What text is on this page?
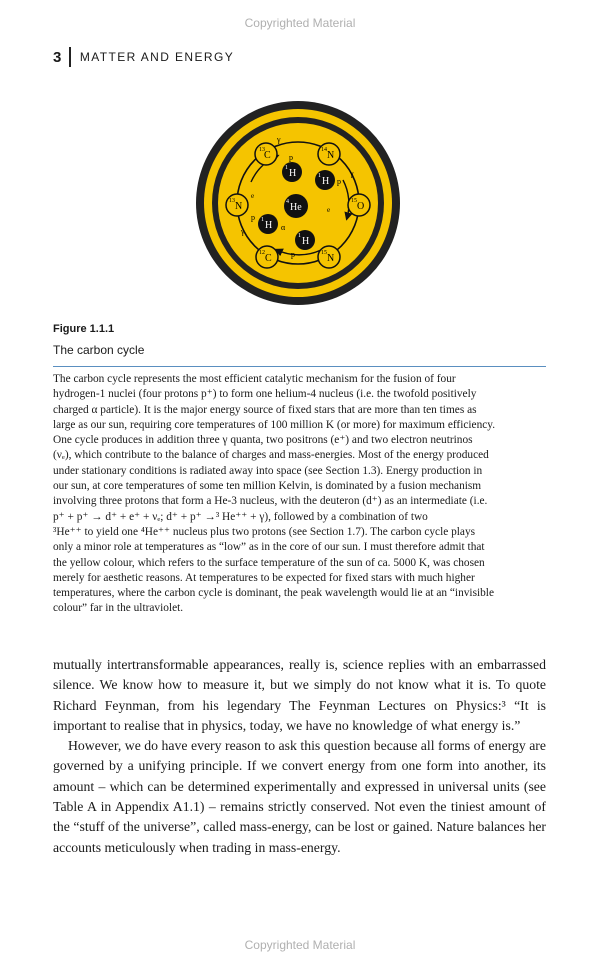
Copyrighted Material
3 MATTER AND ENERGY
13 C	14 N
15 O
15 N
12 C
13 N
1 H	1 H
1 H
1 H
4 He
p
p
p
p
γ
γ
γ	α
e
e
Figure 1.1.1
The carbon cycle
The carbon cycle represents the most efficient catalytic mechanism for the fusion of four
hydrogen-1 nuclei (four protons p⁺) to form one helium-4 nucleus (i.e. the twofold positively
charged α particle). It is the major energy source of fixed stars that are more than ten times as
large as our sun, requiring core temperatures of 100 million K (or more) for maximum efficiency.
One cycle produces in addition three γ quanta, two positrons (e⁺) and two electron neutrinos
(νₑ), which contribute to the balance of charges and mass-energies. Most of the energy produced
under stationary conditions is radiated away into space (see Section 1.3). Energy production in
our sun, at core temperatures of some ten million Kelvin, is dominated by a fusion mechanism
involving three protons that form a He-3 nucleus, with the deuteron (d⁺) as an intermediate (i.e.
p⁺ + p⁺ → d⁺ + e⁺ + νₑ; d⁺ + p⁺ →³ He⁺⁺ + γ), followed by a combination of two
³He⁺⁺ to yield one ⁴He⁺⁺ nucleus plus two protons (see Section 1.7). The carbon cycle plays
only a minor role at temperatures as “low” as in the core of our sun. I must therefore admit that
the yellow colour, which refers to the surface temperature of the sun of ca. 5000 K, was chosen
merely for aesthetic reasons. At temperatures to be expected for fixed stars with much higher
temperatures, where the carbon cycle is dominant, the peak wavelength would lie at an “invisible
colour” far in the ultraviolet.

mutually intertransformable appearances, really is, science replies with an embarrassed silence. We know how to measure it, but we simply do not know what it is. To quote Richard Feynman, from his legendary The Feynman Lectures on Physics:³ “It is important to realise that in physics, today, we have no knowledge of what energy is.”

However, we do have every reason to ask this question because all forms of energy are governed by a unifying principle. If we convert energy from one form into another, its amount – which can be determined experimentally and expressed in universal units (see Table A in Appendix A1.1) – remains strictly conserved. Not even the tiniest amount of the “stuff of the universe”, called mass-energy, can be lost or gained. Nature balances her accounts meticulously when trading in mass-energy.

Copyrighted Material
